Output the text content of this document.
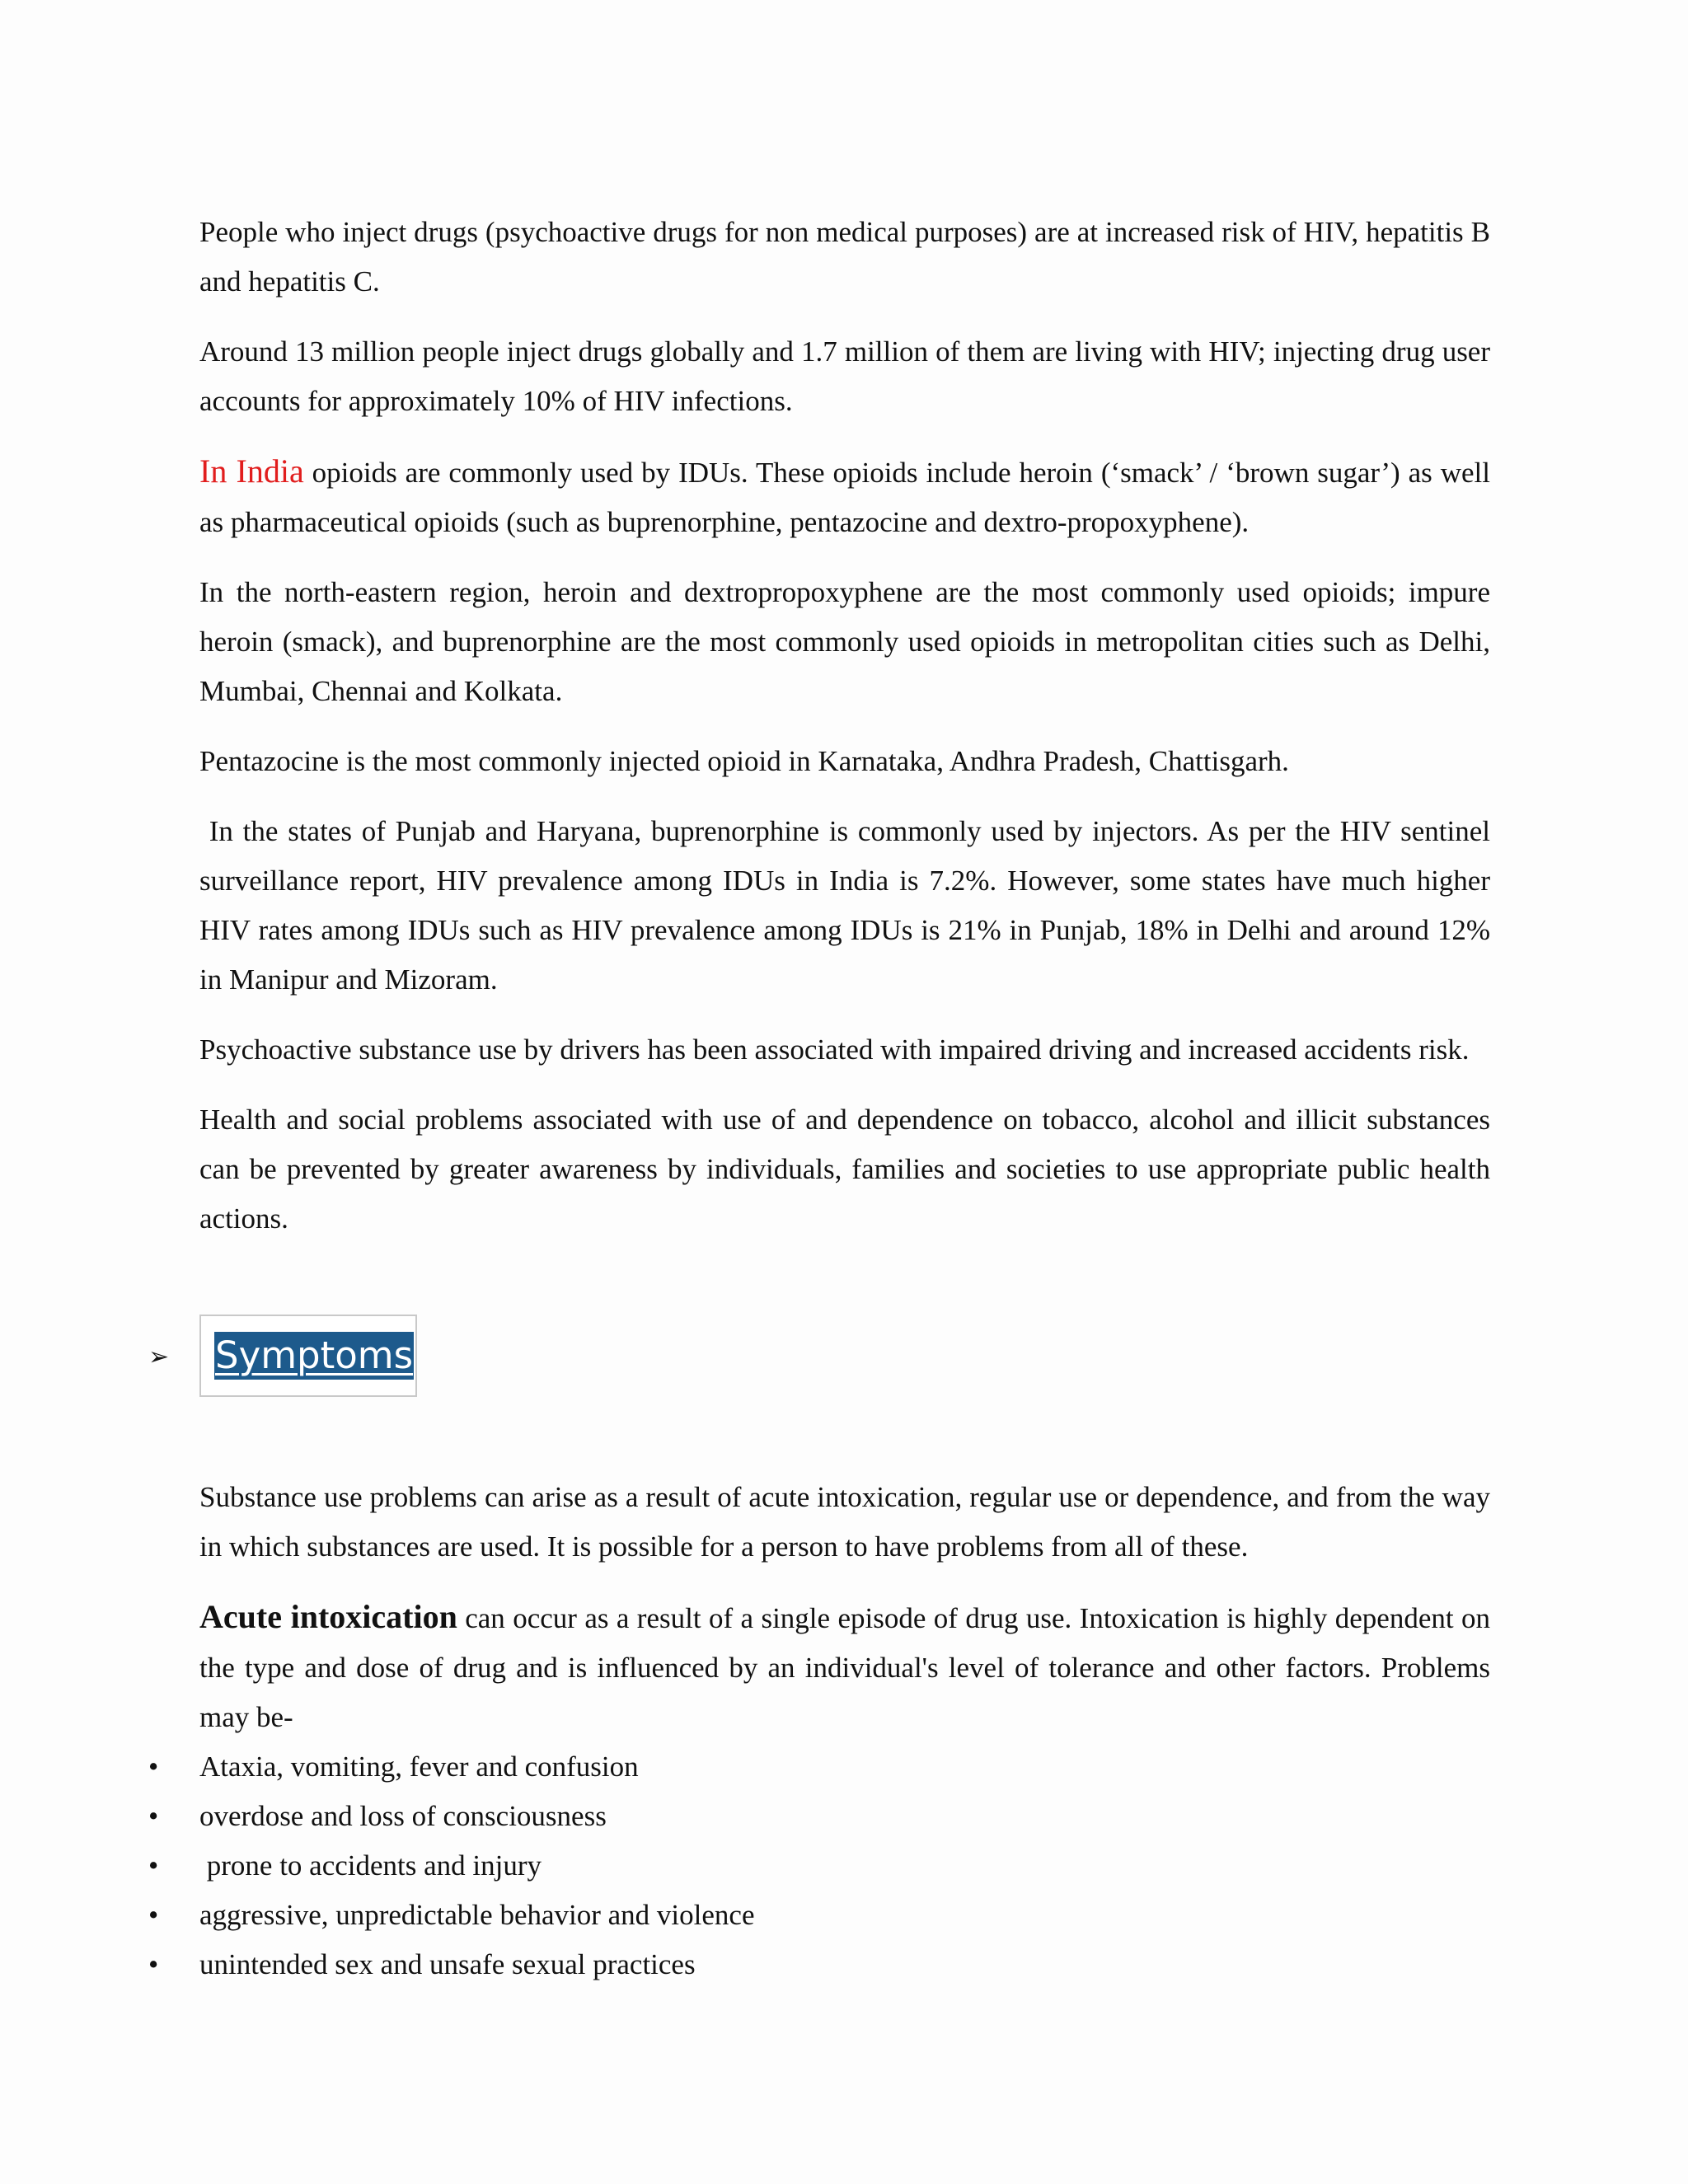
People who inject drugs (psychoactive drugs for non medical purposes) are at increased risk of HIV, hepatitis B and hepatitis C.

Around 13 million people inject drugs globally and 1.7 million of them are living with HIV; injecting drug user accounts for approximately 10% of HIV infections.

In India opioids are commonly used by IDUs. These opioids include heroin (‘smack’ / ‘brown sugar’) as well as pharmaceutical opioids (such as buprenorphine, pentazocine and dextro-propoxyphene).

In the north-eastern region, heroin and dextropropoxyphene are the most commonly used opioids; impure heroin (smack), and buprenorphine are the most commonly used opioids in metropolitan cities such as Delhi, Mumbai, Chennai and Kolkata.

Pentazocine is the most commonly injected opioid in Karnataka, Andhra Pradesh, Chattisgarh.

In the states of Punjab and Haryana, buprenorphine is commonly used by injectors. As per the HIV sentinel surveillance report, HIV prevalence among IDUs in India is 7.2%. However, some states have much higher HIV rates among IDUs such as HIV prevalence among IDUs is 21% in Punjab, 18% in Delhi and around 12% in Manipur and Mizoram.

Psychoactive substance use by drivers has been associated with impaired driving and increased accidents risk.

Health and social problems associated with use of and dependence on tobacco, alcohol and illicit substances can be prevented by greater awareness by individuals, families and societies to use appropriate public health actions.

➢ Symptoms

Substance use problems can arise as a result of acute intoxication, regular use or dependence, and from the way in which substances are used. It is possible for a person to have problems from all of these.

Acute intoxication can occur as a result of a single episode of drug use. Intoxication is highly dependent on the type and dose of drug and is influenced by an individual's level of tolerance and other factors. Problems may be-

• Ataxia, vomiting, fever and confusion
• overdose and loss of consciousness
• prone to accidents and injury
• aggressive, unpredictable behavior and violence
• unintended sex and unsafe sexual practices
